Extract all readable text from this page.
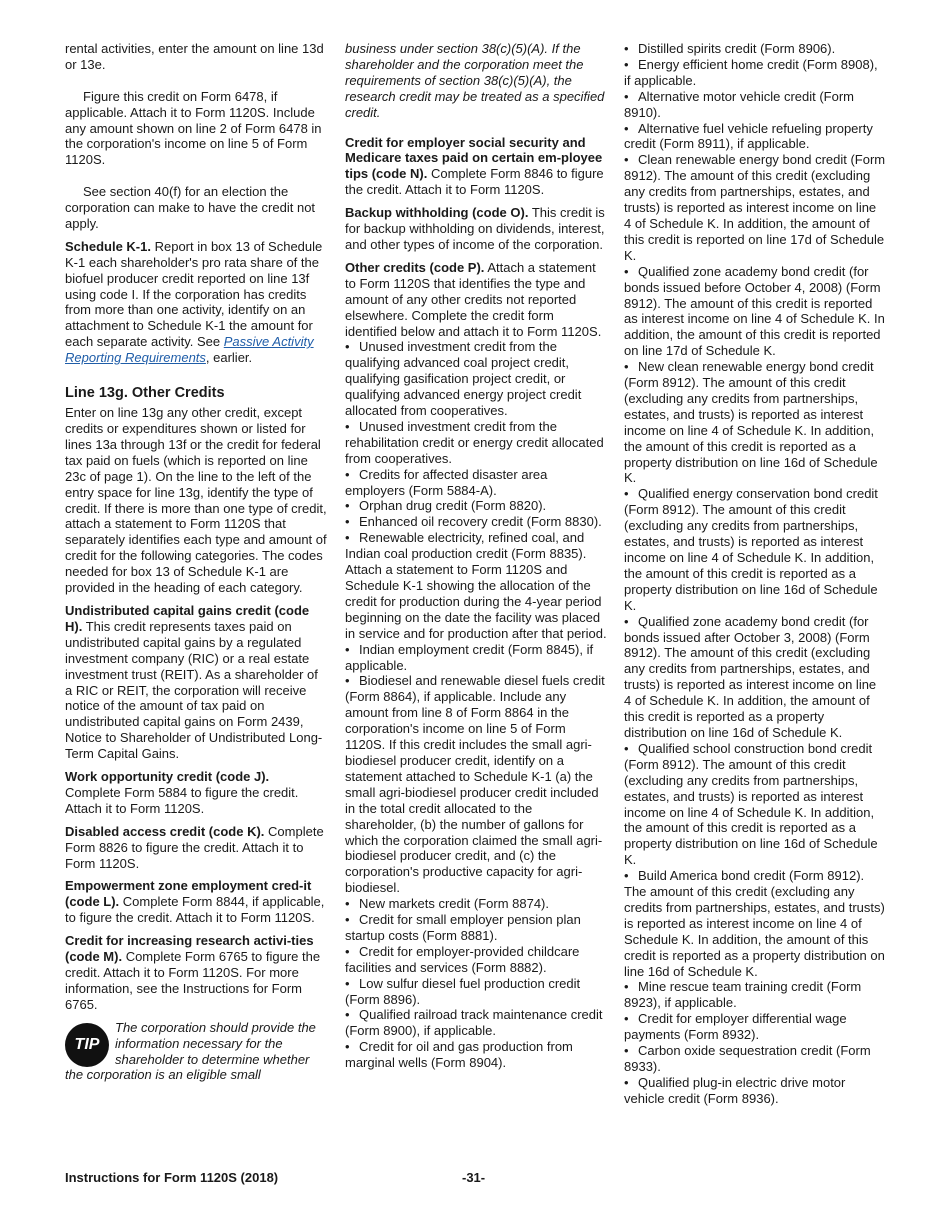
rental activities, enter the amount on line 13d or 13e.

Figure this credit on Form 6478, if applicable. Attach it to Form 1120S. Include any amount shown on line 2 of Form 6478 in the corporation's income on line 5 of Form 1120S.

See section 40(f) for an election the corporation can make to have the credit not apply.

Schedule K-1. Report in box 13 of Schedule K-1 each shareholder's pro rata share of the biofuel producer credit reported on line 13f using code I. If the corporation has credits from more than one activity, identify on an attachment to Schedule K-1 the amount for each separate activity. See Passive Activity Reporting Requirements, earlier.

Line 13g. Other Credits

Enter on line 13g any other credit, except credits or expenditures shown or listed for lines 13a through 13f or the credit for federal tax paid on fuels (which is reported on line 23c of page 1). On the line to the left of the entry space for line 13g, identify the type of credit. If there is more than one type of credit, attach a statement to Form 1120S that separately identifies each type and amount of credit for the following categories. The codes needed for box 13 of Schedule K-1 are provided in the heading of each category.

Undistributed capital gains credit (code H). This credit represents taxes paid on undistributed capital gains by a regulated investment company (RIC) or a real estate investment trust (REIT). As a shareholder of a RIC or REIT, the corporation will receive notice of the amount of tax paid on undistributed capital gains on Form 2439, Notice to Shareholder of Undistributed Long-Term Capital Gains.

Work opportunity credit (code J). Complete Form 5884 to figure the credit. Attach it to Form 1120S.

Disabled access credit (code K). Complete Form 8826 to figure the credit. Attach it to Form 1120S.

Empowerment zone employment cred-it (code L). Complete Form 8844, if applicable, to figure the credit. Attach it to Form 1120S.

Credit for increasing research activi-ties (code M). Complete Form 6765 to figure the credit. Attach it to Form 1120S. For more information, see the Instructions for Form 6765.

TIP
The corporation should provide the information necessary for the shareholder to determine whether the corporation is an eligible small

business under section 38(c)(5)(A). If the shareholder and the corporation meet the requirements of section 38(c)(5)(A), the research credit may be treated as a specified credit.

Credit for employer social security and Medicare taxes paid on certain em-ployee tips (code N). Complete Form 8846 to figure the credit. Attach it to Form 1120S.

Backup withholding (code O). This credit is for backup withholding on dividends, interest, and other types of income of the corporation.

Other credits (code P). Attach a statement to Form 1120S that identifies the type and amount of any other credits not reported elsewhere. Complete the credit form identified below and attach it to Form 1120S.

• Unused investment credit from the qualifying advanced coal project credit, qualifying gasification project credit, or qualifying advanced energy project credit allocated from cooperatives.
• Unused investment credit from the rehabilitation credit or energy credit allocated from cooperatives.
• Credits for affected disaster area employers (Form 5884-A).
• Orphan drug credit (Form 8820).
• Enhanced oil recovery credit (Form 8830).
• Renewable electricity, refined coal, and Indian coal production credit (Form 8835). Attach a statement to Form 1120S and Schedule K-1 showing the allocation of the credit for production during the 4-year period beginning on the date the facility was placed in service and for production after that period.
• Indian employment credit (Form 8845), if applicable.
• Biodiesel and renewable diesel fuels credit (Form 8864), if applicable. Include any amount from line 8 of Form 8864 in the corporation's income on line 5 of Form 1120S. If this credit includes the small agri-biodiesel producer credit, identify on a statement attached to Schedule K-1 (a) the small agri-biodiesel producer credit included in the total credit allocated to the shareholder, (b) the number of gallons for which the corporation claimed the small agri-biodiesel producer credit, and (c) the corporation's productive capacity for agri-biodiesel.
• New markets credit (Form 8874).
• Credit for small employer pension plan startup costs (Form 8881).
• Credit for employer-provided childcare facilities and services (Form 8882).
• Low sulfur diesel fuel production credit (Form 8896).
• Qualified railroad track maintenance credit (Form 8900), if applicable.
• Credit for oil and gas production from marginal wells (Form 8904).
• Distilled spirits credit (Form 8906).
• Energy efficient home credit (Form 8908), if applicable.
• Alternative motor vehicle credit (Form 8910).
• Alternative fuel vehicle refueling property credit (Form 8911), if applicable.
• Clean renewable energy bond credit (Form 8912). The amount of this credit (excluding any credits from partnerships, estates, and trusts) is reported as interest income on line 4 of Schedule K. In addition, the amount of this credit is reported on line 17d of Schedule K.
• Qualified zone academy bond credit (for bonds issued before October 4, 2008) (Form 8912). The amount of this credit is reported as interest income on line 4 of Schedule K. In addition, the amount of this credit is reported on line 17d of Schedule K.
• New clean renewable energy bond credit (Form 8912). The amount of this credit (excluding any credits from partnerships, estates, and trusts) is reported as interest income on line 4 of Schedule K. In addition, the amount of this credit is reported as a property distribution on line 16d of Schedule K.
• Qualified energy conservation bond credit (Form 8912). The amount of this credit (excluding any credits from partnerships, estates, and trusts) is reported as interest income on line 4 of Schedule K. In addition, the amount of this credit is reported as a property distribution on line 16d of Schedule K.
• Qualified zone academy bond credit (for bonds issued after October 3, 2008) (Form 8912). The amount of this credit (excluding any credits from partnerships, estates, and trusts) is reported as interest income on line 4 of Schedule K. In addition, the amount of this credit is reported as a property distribution on line 16d of Schedule K.
• Qualified school construction bond credit (Form 8912). The amount of this credit (excluding any credits from partnerships, estates, and trusts) is reported as interest income on line 4 of Schedule K. In addition, the amount of this credit is reported as a property distribution on line 16d of Schedule K.
• Build America bond credit (Form 8912). The amount of this credit (excluding any credits from partnerships, estates, and trusts) is reported as interest income on line 4 of Schedule K. In addition, the amount of this credit is reported as a property distribution on line 16d of Schedule K.
• Mine rescue team training credit (Form 8923), if applicable.
• Credit for employer differential wage payments (Form 8932).
• Carbon oxide sequestration credit (Form 8933).
• Qualified plug-in electric drive motor vehicle credit (Form 8936).
Instructions for Form 1120S (2018)	-31-
